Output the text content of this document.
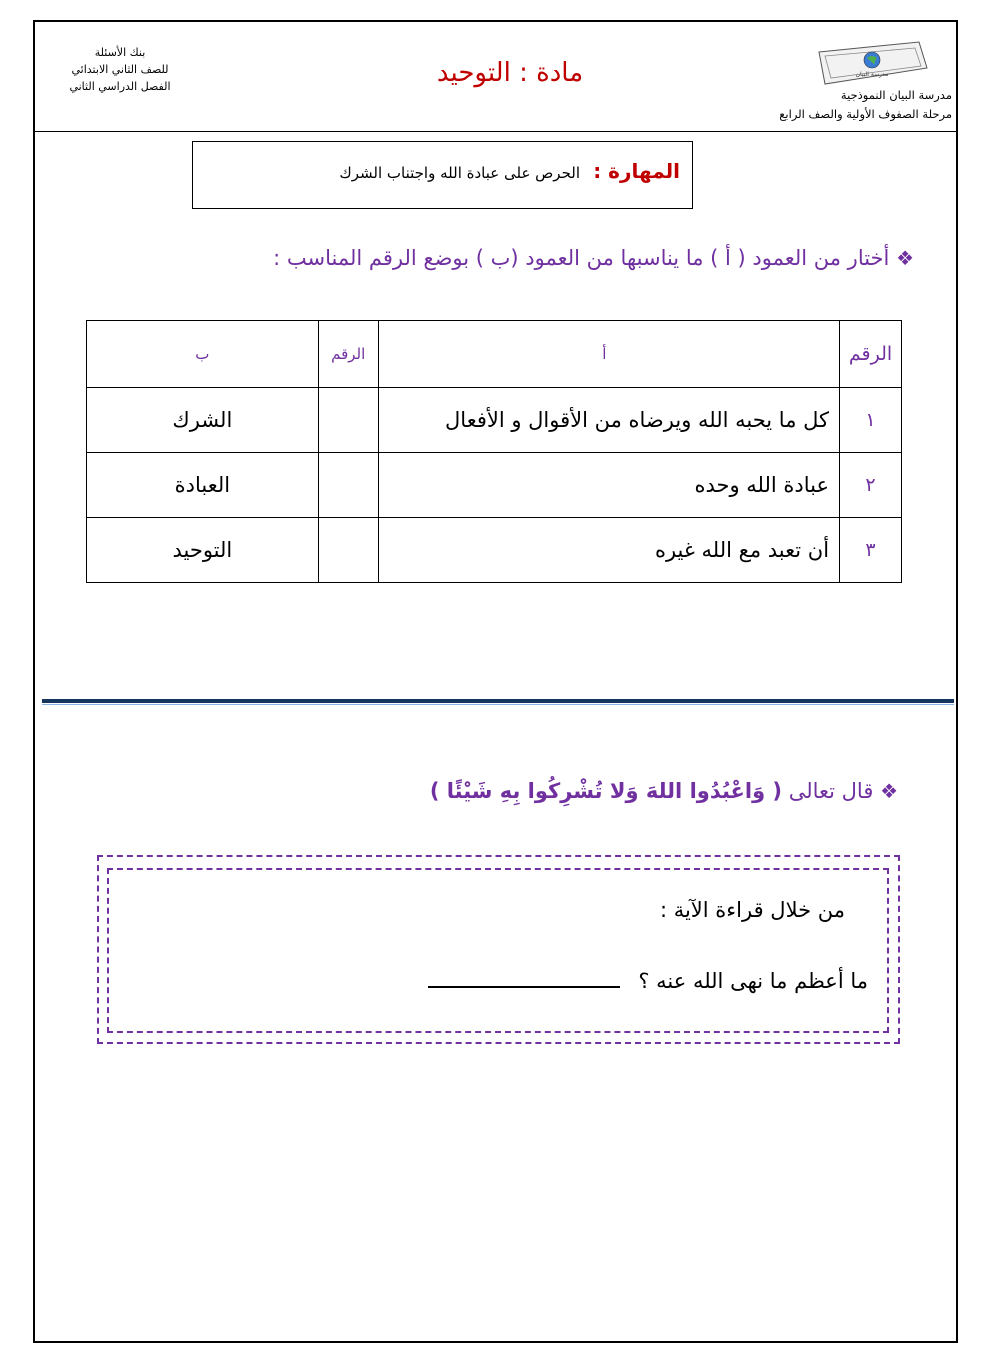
بنك الأسئلة
للصف الثاني الابتدائي
الفصل الدراسي الثاني	مادة : التوحيد	مدرسة البيان
مدرسة البيان النموذجية
مرحلة الصفوف الأولية والصف الرابع
المهارة :
الحرص على عبادة الله واجتناب الشرك
❖ أختار من العمود ( أ ) ما يناسبها من العمود (ب ) بوضع الرقم المناسب :
الرقم	أ	الرقم	ب
١	كل ما يحبه الله ويرضاه من الأقوال و الأفعال		الشرك
٢	عبادة الله وحده		العبادة
٣	أن تعبد مع الله غيره		التوحيد
❖ قال تعالى ( وَاعْبُدُوا اللهَ وَلا تُشْرِكُوا بِهِ شَيْئًا )
من خلال قراءة الآية :
ما أعظم ما نهى الله عنه ؟
